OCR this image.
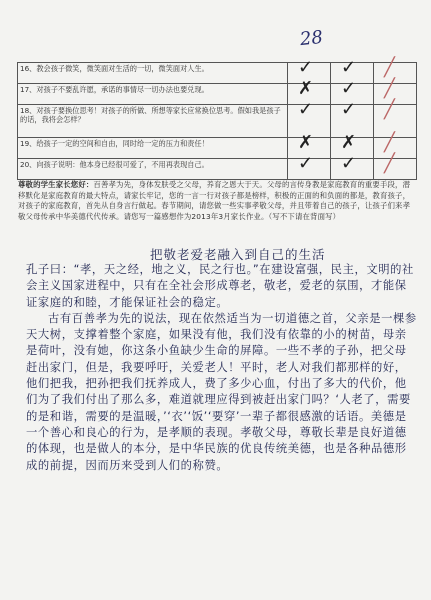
28
16、教会孩子微笑，微笑面对生活的一切，微笑面对人生。	✓	✓	╱

17、对孩子不要乱许愿，承诺的事情尽一切办法也要兑现。	✗	✓	╱

18、对孩子要换位思考！对孩子的所做、所想等家长应常换位思考。假如我是孩子的话，我将会怎样？	✓	✓	╱

19、给孩子一定的空间和自由，同时给一定的压力和责任！	✗	✗	╱

20、向孩子说明：他本身已经很可爱了，不用再表现自己。	✓	✓	╱
尊敬的学生家长您好：百善孝为先，身体发肤受之父母，养育之恩大于天。父母的言传身教是家庭教育的重要手段，潜移默化是家庭教育的最大特点，请家长牢记，您的一言一行对孩子都是榜样，积极的正面的和负面的都是，教育孩子，对孩子的家庭教育，首先从自身言行做起。春节期间，请您做一些实事孝敬父母，并且带着自己的孩子，让孩子们来孝敬父母传承中华美德代代传承。请您写一篇感想作为2013年3月家长作业。（写不下请在背面写）
把敬老爱老融入到自己的生活

孔子曰：“孝，天之经，地之义，民之行也。”在建设富强，民主，文明的社会主义国家进程中，只有在全社会形成尊老，敬老，爱老的氛围，才能保证家庭的和睦，才能保证社会的稳定。

古有百善孝为先的说法，现在依然适当为一切道德之首，父亲是一棵参天大树，支撑着整个家庭，如果没有他，我们没有依靠的小的树苗，母亲是荷叶，没有她，你这条小鱼缺少生命的屏障。一些不孝的子孙，把父母赶出家门，但是，我要呼吁，关爱老人！平时，老人对我们都那样的好，他们把我，把孙把我们抚养成人，费了多少心血，付出了多大的代价，他们为了我们付出了那么多，难道就理应得到被赶出家门吗？‘人老了，需要的是和谐，需要的是温暖，’‘衣’‘饭’‘要穿’一辈子都很感激的话语。美德是一个善心和良心的行为，是孝顺的表现。孝敬父母，尊敬长辈是良好道德的体现，也是做人的本分，是中华民族的优良传统美德，也是各种品德形成的前提，因而历来受到人们的称赞。
